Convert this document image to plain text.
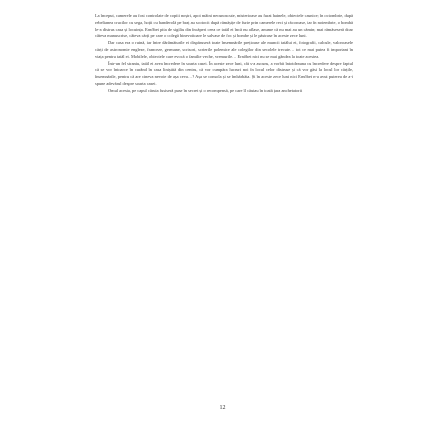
La început, camerele au fost controlate de copiii noștri, apoi mâini necunoscute, misterioase au furat hainele, obiectele casnice; în octombrie, după rebelianea crucilor cu sega, hoții cu banderolă pe braț au scotocit după rămășițe de furie prin camerele reci și răcoroase, iar în noiembrie, o bombă le-a distrus casa și locuința. Ernőbet pita de sigiliu din încăperi ceea ce tatăl ei încă nu aflase, anume că nu mai au un cămin; mai rămăseseră doar câteva manuscrise, câteva cărți pe care o colegă binevoitoare le salvase de foc și bombe și le păstrase în aceste zece luni.

Dar casa era o ruină, iar între dărâmăturile ei dispăruseră toate însemnările prețioase ale muncii tatălui ei, fotografii, calcule, valoroasele cărți de astronomie engleze, franceze, germane, scrisori, scrierile polemice ale colegilor din secolele trecute… tot ce mai putea fi important în viața pentru tatăl ei. Mobilele, obiectele care evocă o familie veche, vremurile… Ernőbet nici nu se mai gândea la toate acestea.

Într-un fel straniu, tatăl ei avea încredere în soarta casei. În aceste zece luni, cât s-a ascuns, a vorbit întotdeauna cu încredere despre faptul că se vor întoarce în curând în casa liniștită din centru, că vor cumpăra lucruri noi în locul celor distruse și că vor găsi la locul lor cărțile, însemnările, pentru că are cineva nevoie de așa ceva…? Așa se consola și se îmbărbăta. Și în aceste zece luni nici Ernőbet n-a avut puterea de a-i spune adevărul despre soarta casei.

Omul acesta, pe capul căruia fusiseră puse în secret și o recompensă, pe care îl căutau în toată țara anchetatorii

12
